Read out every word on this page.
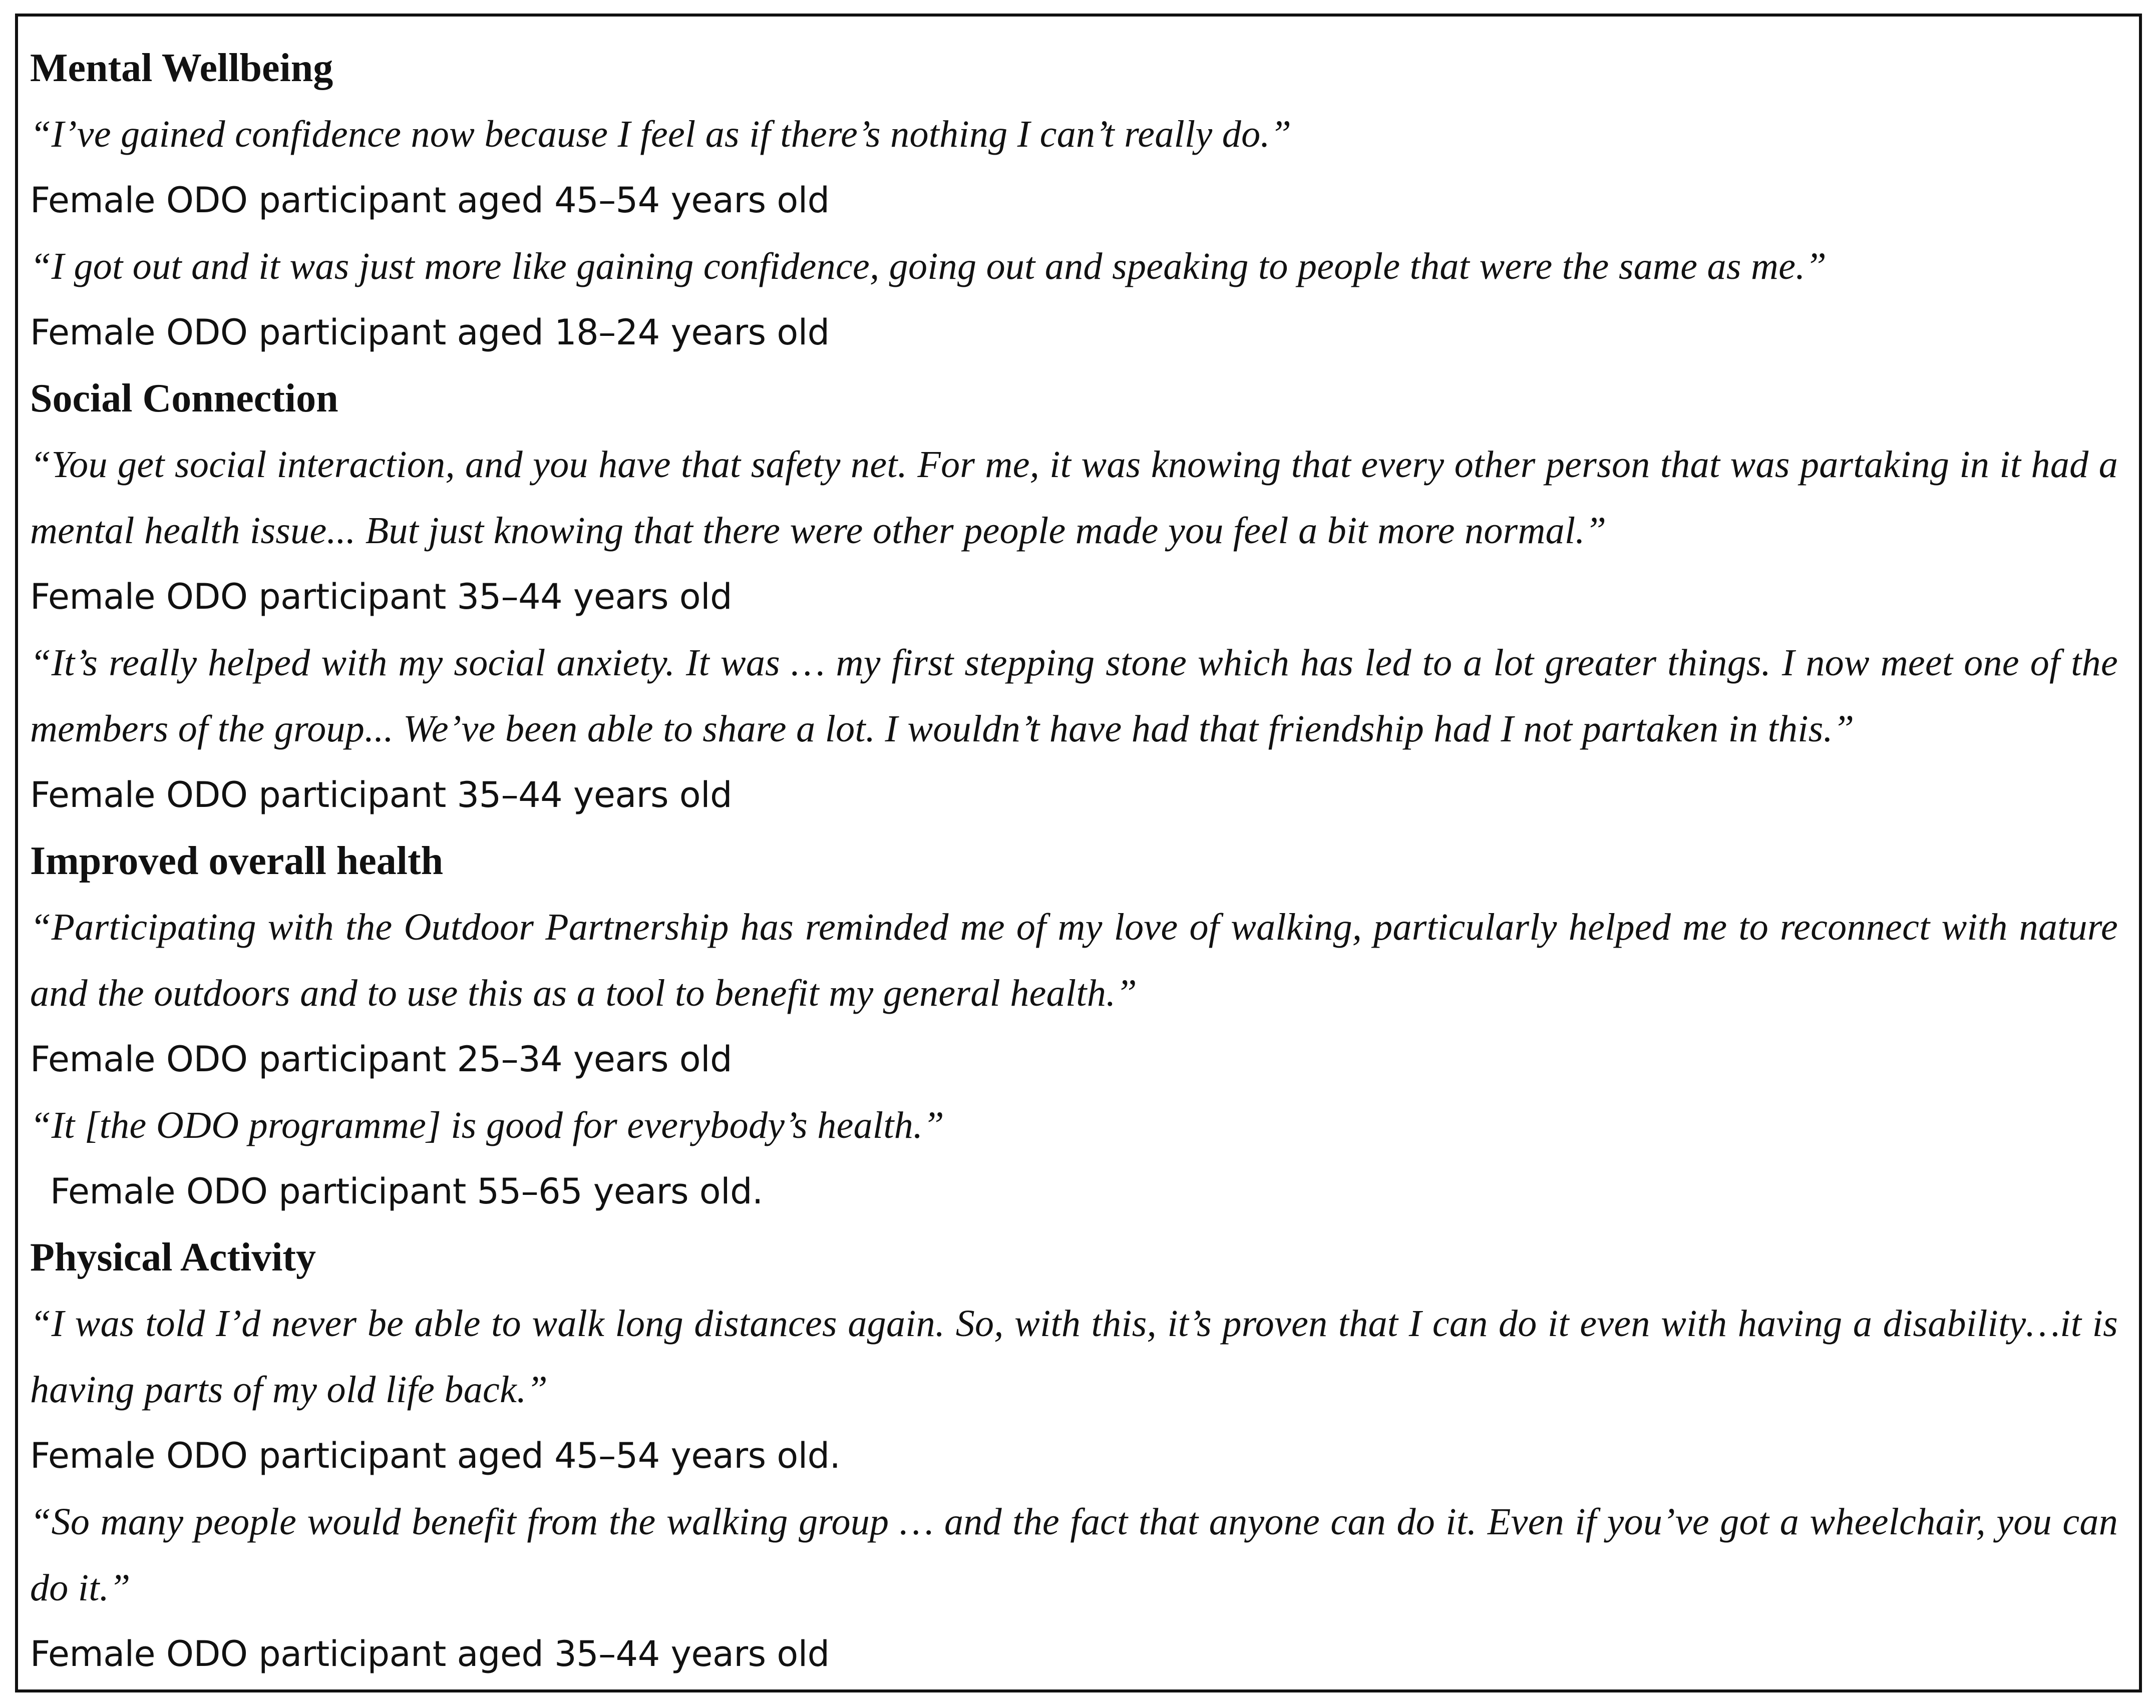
Mental Wellbeing
“I’ve gained confidence now because I feel as if there’s nothing I can’t really do.”
Female ODO participant aged 45–54 years old
“I got out and it was just more like gaining confidence, going out and speaking to people that were the same as me.”
Female ODO participant aged 18–24 years old
Social Connection
“You get social interaction, and you have that safety net. For me, it was knowing that every other person that was partaking in it had a mental health issue... But just knowing that there were other people made you feel a bit more normal.”
Female ODO participant 35–44 years old
“It’s really helped with my social anxiety. It was … my first stepping stone which has led to a lot greater things. I now meet one of the members of the group... We’ve been able to share a lot. I wouldn’t have had that friendship had I not partaken in this.”
Female ODO participant 35–44 years old
Improved overall health
“Participating with the Outdoor Partnership has reminded me of my love of walking, particularly helped me to reconnect with nature and the outdoors and to use this as a tool to benefit my general health.”
Female ODO participant 25–34 years old
“It [the ODO programme] is good for everybody’s health.”
Female ODO participant 55–65 years old.
Physical Activity
“I was told I’d never be able to walk long distances again. So, with this, it’s proven that I can do it even with having a disability…it is having parts of my old life back.”
Female ODO participant aged 45–54 years old.
“So many people would benefit from the walking group … and the fact that anyone can do it. Even if you’ve got a wheelchair, you can do it.”
Female ODO participant aged 35–44 years old
